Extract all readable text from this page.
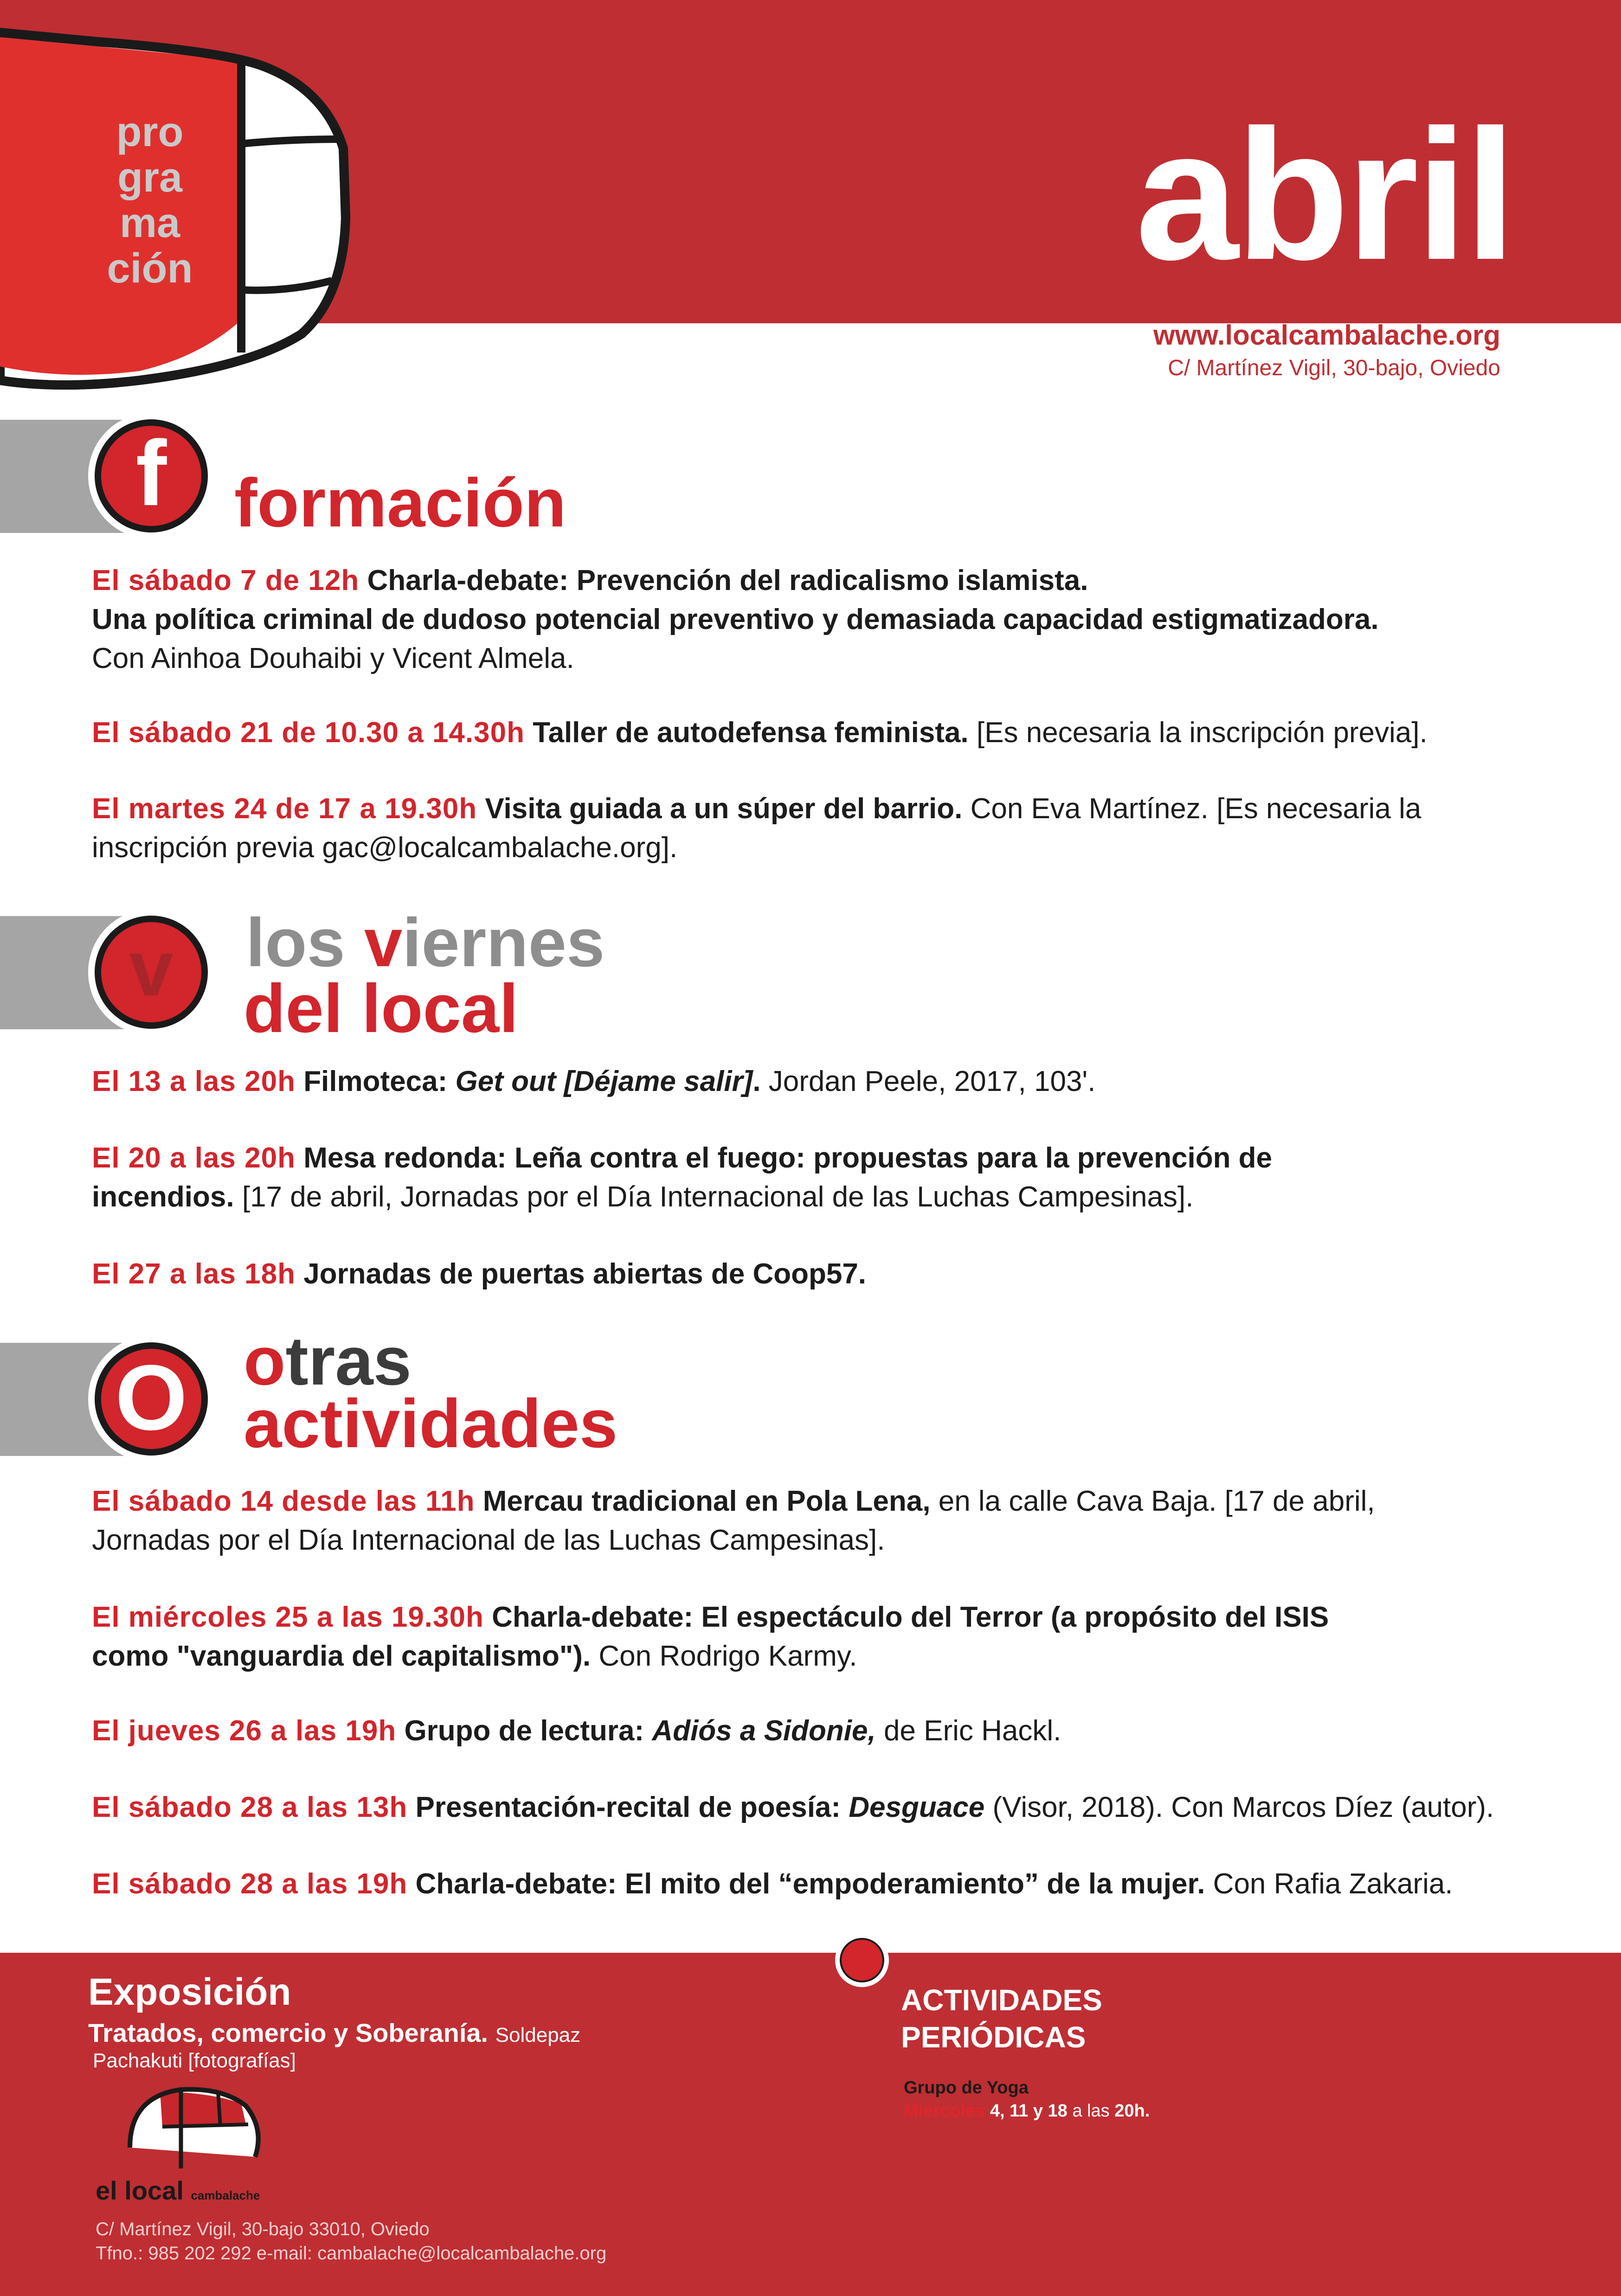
pro
gra
ma
ción	abril
www.localcambalache.org
C/ Martínez Vigil, 30-bajo, Oviedo
f formación
El sábado 7 de 12h Charla-debate: Prevención del radicalismo islamista.
Una política criminal de dudoso potencial preventivo y demasiada capacidad estigmatizadora.
Con Ainhoa Douhaibi y Vicent Almela.
El sábado 21 de 10.30 a 14.30h Taller de autodefensa feminista. [Es necesaria la inscripción previa].
El martes 24 de 17 a 19.30h Visita guiada a un súper del barrio. Con Eva Martínez. [Es necesaria la
inscripción previa gac@localcambalache.org].
v	los viernes
del local
El 13 a las 20h Filmoteca: Get out [Déjame salir]. Jordan Peele, 2017, 103'.
El 20 a las 20h Mesa redonda: Leña contra el fuego: propuestas para la prevención de
incendios. [17 de abril, Jornadas por el Día Internacional de las Luchas Campesinas].
El 27 a las 18h Jornadas de puertas abiertas de Coop57.
O otras
actividades
El sábado 14 desde las 11h Mercau tradicional en Pola Lena, en la calle Cava Baja. [17 de abril,
Jornadas por el Día Internacional de las Luchas Campesinas].
El miércoles 25 a las 19.30h Charla-debate: El espectáculo del Terror (a propósito del ISIS
como "vanguardia del capitalismo"). Con Rodrigo Karmy.
El jueves 26 a las 19h Grupo de lectura: Adiós a Sidonie, de Eric Hackl.
El sábado 28 a las 13h Presentación-recital de poesía: Desguace (Visor, 2018). Con Marcos Díez (autor).
El sábado 28 a las 19h Charla-debate: El mito del “empoderamiento” de la mujer. Con Rafia Zakaria.
Exposición
Tratados, comercio y Soberanía. Soldepaz
Pachakuti [fotografías]
el local cambalache
C/ Martínez Vigil, 30-bajo 33010, Oviedo
Tfno.: 985 202 292 e-mail: cambalache@localcambalache.org
ACTIVIDADES
PERIÓDICAS
Grupo de Yoga
Miércoles 4, 11 y 18 a las 20h.
